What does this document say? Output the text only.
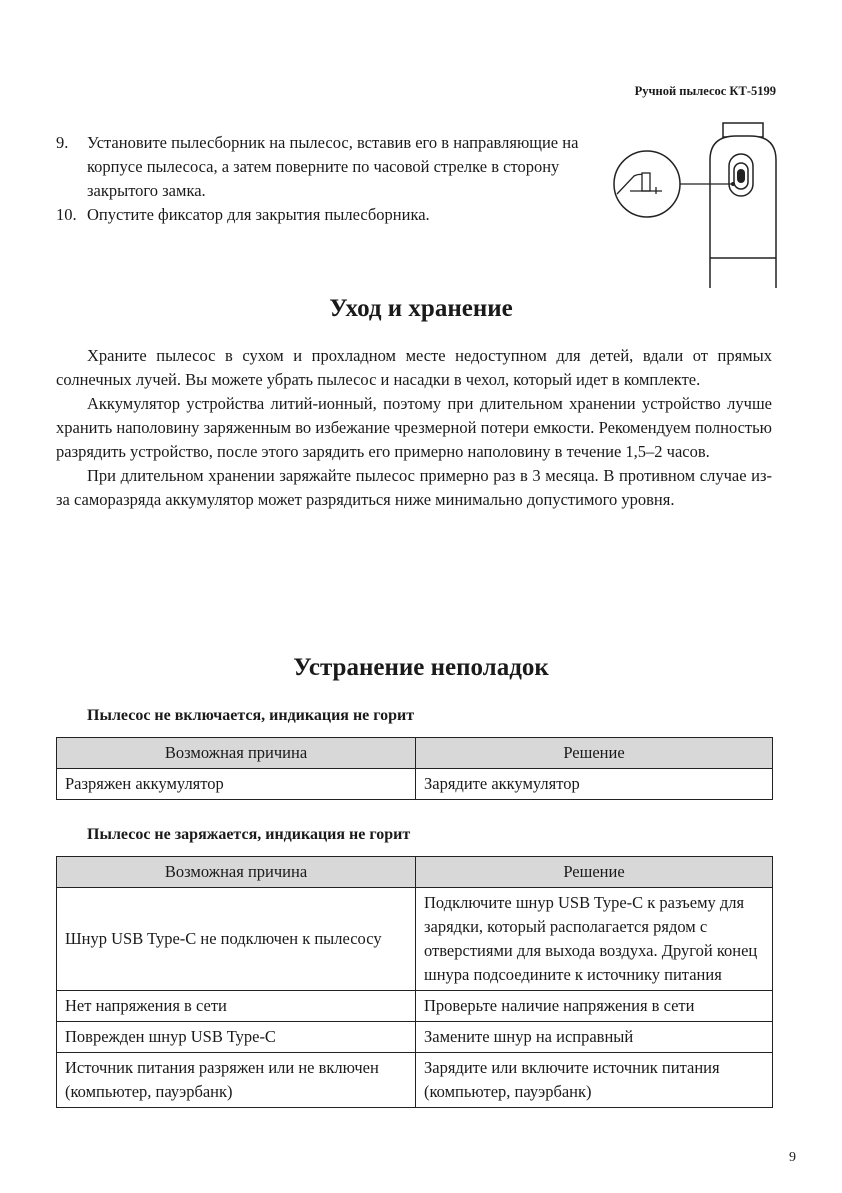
Ручной пылесос КТ-5199
9.	Установите пылесборник на пылесос, вставив его в направляющие на корпусе пылесоса, а затем поверните по часовой стрелке в сторону закрытого замка.
10. Опустите фиксатор для закрытия пылесборника.
Уход и хранение

Храните пылесос в сухом и прохладном месте недоступном для детей, вдали от прямых солнечных лучей. Вы можете убрать пылесос и насадки в чехол, который идет в комплекте.

Аккумулятор устройства литий-ионный, поэтому при длительном хранении устройство лучше хранить наполовину заряженным во избежание чрезмерной потери емкости. Рекомендуем полностью разрядить устройство, после этого зарядить его примерно наполовину в течение 1,5–2 часов.

При длительном хранении заряжайте пылесос примерно раз в 3 месяца. В противном случае из-за саморазряда аккумулятор может разрядиться ниже минимально допустимого уровня.

Устранение неполадок
Пылесос не включается, индикация не горит
Возможная причина	Решение
Разряжен аккумулятор	Зарядите аккумулятор
Пылесос не заряжается, индикация не горит
Возможная причина	Решение
Шнур USB Type-C не подключен к пылесосу	Подключите шнур USB Type-C к разъему для зарядки, который располагается рядом с отверстиями для выхода воздуха. Другой конец шнура подсоедините к источнику питания
Нет напряжения в сети	Проверьте наличие напряжения в сети
Поврежден шнур USB Type-C	Замените шнур на исправный
Источник питания разряжен или не включен (компьютер, пауэрбанк)	Зарядите или включите источник питания (компьютер, пауэрбанк)
9
